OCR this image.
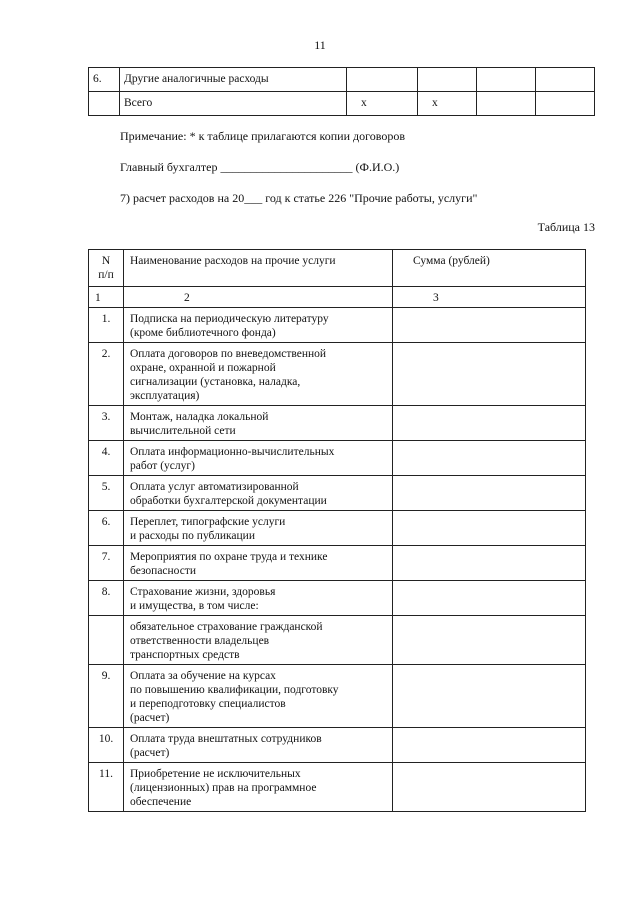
11
6.	Другие аналогичные расходы				
	Всего	x	x		
Примечание: * к таблице прилагаются копии договоров
Главный бухгалтер ______________________ (Ф.И.О.)
7) расчет расходов на 20___ год к статье 226 "Прочие работы, услуги"
Таблица 13
N
п/п	Наименование расходов на прочие услуги	Сумма (рублей)
1	2	3
1.	Подписка на периодическую литературу
(кроме библиотечного фонда)	
2.	Оплата договоров по вневедомственной
охране, охранной и пожарной
сигнализации (установка, наладка,
эксплуатация)	
3.	Монтаж, наладка локальной
вычислительной сети	
4.	Оплата информационно-вычислительных
работ (услуг)	
5.	Оплата услуг автоматизированной
обработки бухгалтерской документации	
6.	Переплет, типографские услуги
и расходы по публикации	
7.	Мероприятия по охране труда и технике
безопасности	
8.	Страхование жизни, здоровья
и имущества, в том числе:	
	обязательное страхование гражданской
ответственности владельцев
транспортных средств	
9.	Оплата за обучение на курсах
по повышению квалификации, подготовку
и переподготовку специалистов
(расчет)	
10.	Оплата труда внештатных сотрудников
(расчет)	
11.	Приобретение не исключительных
(лицензионных) прав на программное
обеспечение	
